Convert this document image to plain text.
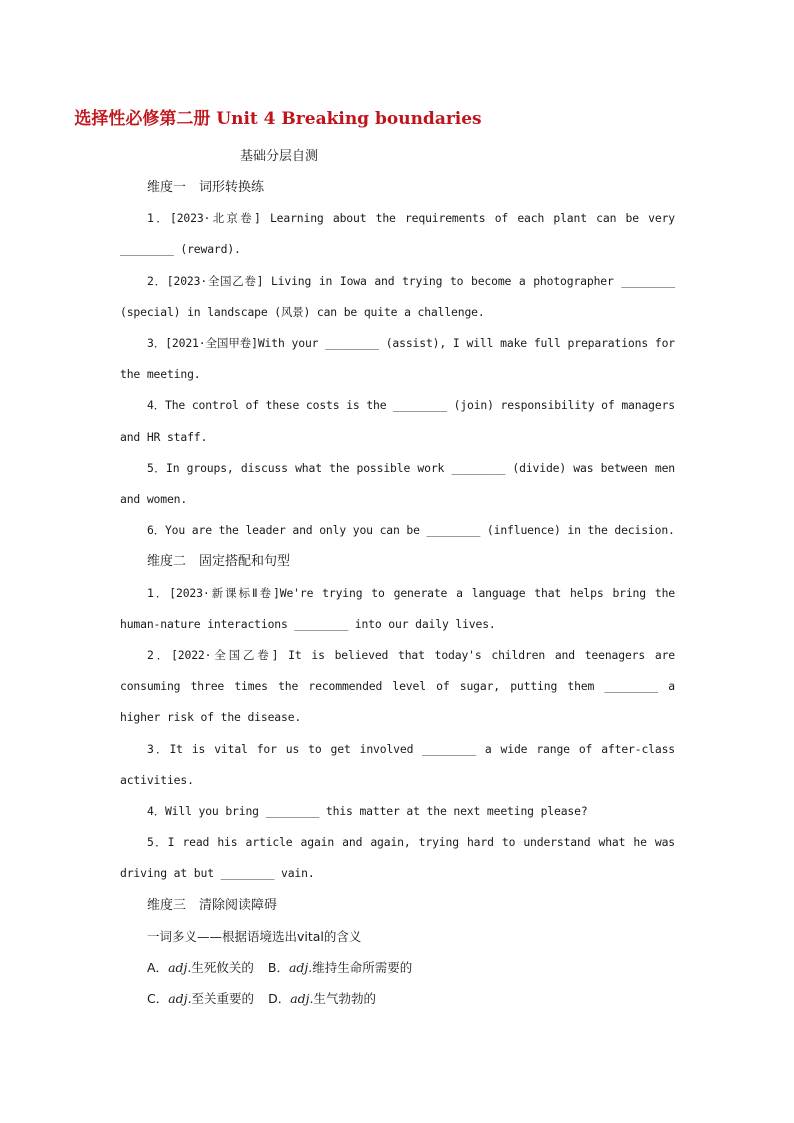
选择性必修第二册 Unit 4 Breaking boundaries
基础分层自测
维度一　词形转换练
1．[2023·北京卷] Learning about the requirements of each plant can be very ________ (reward).
2．[2023·全国乙卷] Living in Iowa and trying to become a photographer ________ (special) in landscape (风景) can be quite a challenge.
3．[2021·全国甲卷]With your ________ (assist), I will make full preparations for the meeting.
4．The control of these costs is the ________ (join) responsibility of managers and HR staff.
5．In groups, discuss what the possible work ________ (divide) was between men and women.
6．You are the leader and only you can be ________ (influence) in the decision.
维度二　固定搭配和句型
1．[2023·新课标Ⅱ卷]We're trying to generate a language that helps bring the human-nature interactions ________ into our daily lives.
2．[2022·全国乙卷] It is believed that today's children and teenagers are consuming three times the recommended level of sugar, putting them ________ a higher risk of the disease.
3．It is vital for us to get involved ________ a wide range of after-class activities.
4．Will you bring ________ this matter at the next meeting please?
5．I read his article again and again, trying hard to understand what he was driving at but ________ vain.
维度三　清除阅读障碍
一词多义——根据语境选出vital的含义
A．adj.生死攸关的 B．adj.维持生命所需要的
C．adj.至关重要的 D．adj.生气勃勃的
